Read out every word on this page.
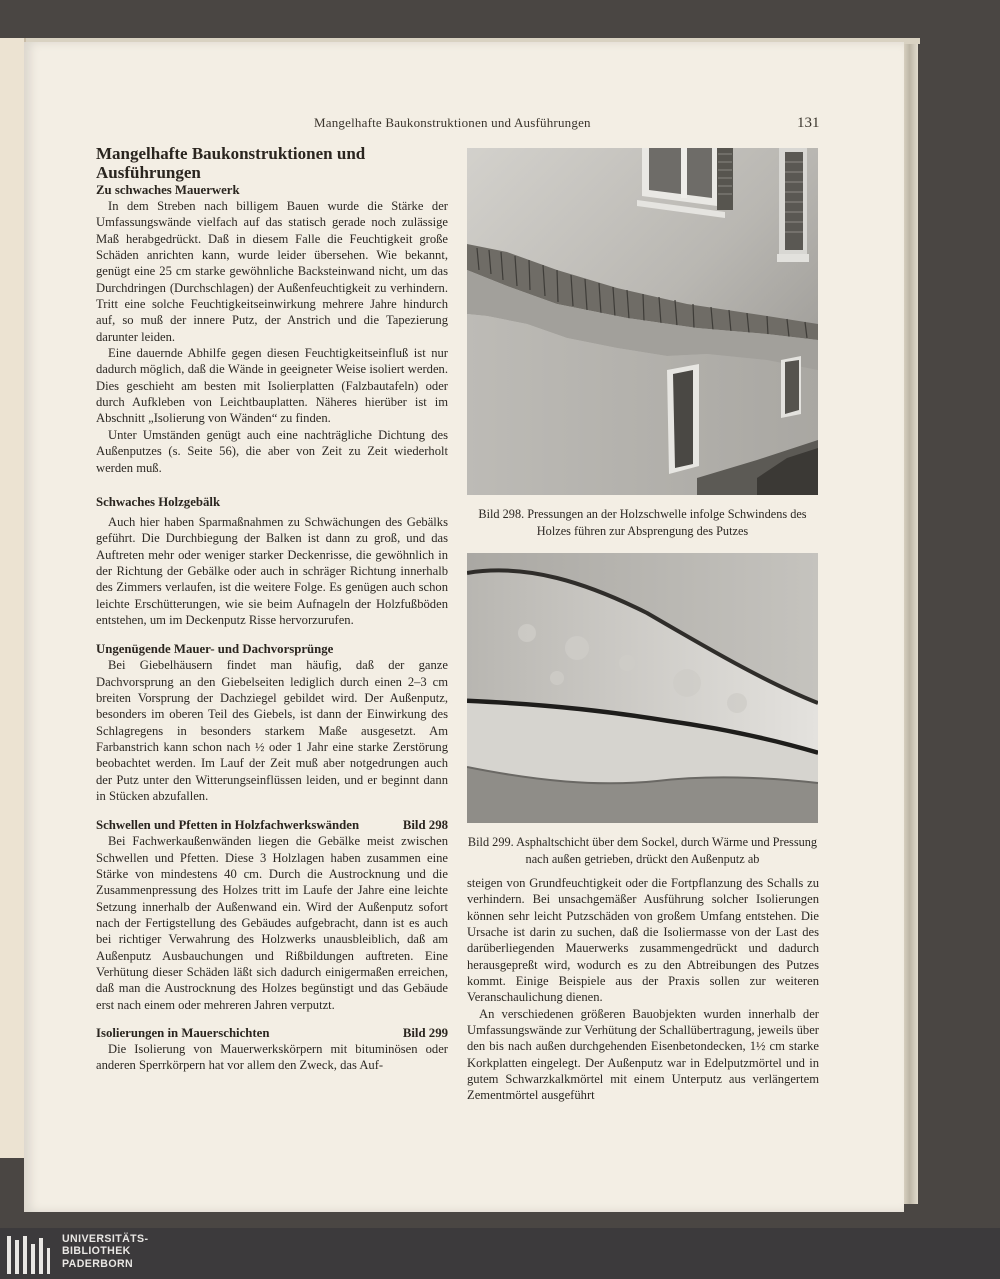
Mangelhafte Baukonstruktionen und Ausführungen	131
Mangelhafte Baukonstruktionen und
Ausführungen
Zu schwaches Mauerwerk

In dem Streben nach billigem Bauen wurde die Stärke der Umfassungswände vielfach auf das statisch gerade noch zulässige Maß herabgedrückt. Daß in diesem Falle die Feuchtigkeit große Schäden anrichten kann, wurde leider übersehen. Wie bekannt, genügt eine 25 cm starke gewöhnliche Backsteinwand nicht, um das Durchdringen (Durchschlagen) der Außenfeuchtigkeit zu verhindern. Tritt eine solche Feuchtigkeitseinwirkung mehrere Jahre hindurch auf, so muß der innere Putz, der Anstrich und die Tapezierung darunter leiden.

Eine dauernde Abhilfe gegen diesen Feuchtigkeitseinfluß ist nur dadurch möglich, daß die Wände in geeigneter Weise isoliert werden. Dies geschieht am besten mit Isolierplatten (Falzbautafeln) oder durch Aufkleben von Leichtbauplatten. Näheres hierüber ist im Abschnitt „Isolierung von Wänden“ zu finden.

Unter Umständen genügt auch eine nachträgliche Dichtung des Außenputzes (s. Seite 56), die aber von Zeit zu Zeit wiederholt werden muß.

Schwaches Holzgebälk

Auch hier haben Sparmaßnahmen zu Schwächungen des Gebälks geführt. Die Durchbiegung der Balken ist dann zu groß, und das Auftreten mehr oder weniger starker Deckenrisse, die gewöhnlich in der Richtung der Gebälke oder auch in schräger Richtung innerhalb des Zimmers verlaufen, ist die weitere Folge. Es genügen auch schon leichte Erschütterungen, wie sie beim Aufnageln der Holzfußböden entstehen, um im Deckenputz Risse hervorzurufen.

Ungenügende Mauer- und Dachvorsprünge

Bei Giebelhäusern findet man häufig, daß der ganze Dachvorsprung an den Giebelseiten lediglich durch einen 2–3 cm breiten Vorsprung der Dachziegel gebildet wird. Der Außenputz, besonders im oberen Teil des Giebels, ist dann der Einwirkung des Schlagregens in besonders starkem Maße ausgesetzt. Am Farbanstrich kann schon nach ½ oder 1 Jahr eine starke Zerstörung beobachtet werden. Im Lauf der Zeit muß aber notgedrungen auch der Putz unter den Witterungseinflüssen leiden, und er beginnt dann in Stücken abzufallen.

Schwellen und Pfetten in Holzfachwerkswänden	Bild 298

Bei Fachwerkaußenwänden liegen die Gebälke meist zwischen Schwellen und Pfetten. Diese 3 Holzlagen haben zusammen eine Stärke von mindestens 40 cm. Durch die Austrocknung und die Zusammenpressung des Holzes tritt im Laufe der Jahre eine leichte Setzung innerhalb der Außenwand ein. Wird der Außenputz sofort nach der Fertigstellung des Gebäudes aufgebracht, dann ist es auch bei richtiger Verwahrung des Holzwerks unausbleiblich, daß am Außenputz Ausbauchungen und Rißbildungen auftreten. Eine Verhütung dieser Schäden läßt sich dadurch einigermaßen erreichen, daß man die Austrocknung des Holzes begünstigt und das Gebäude erst nach einem oder mehreren Jahren verputzt.

Isolierungen in Mauerschichten	Bild 299

Die Isolierung von Mauerwerkskörpern mit bituminösen oder anderen Sperrkörpern hat vor allem den Zweck, das Auf-

Bild 298. Pressungen an der Holzschwelle infolge Schwindens des Holzes führen zur Absprengung des Putzes
Bild 299. Asphaltschicht über dem Sockel, durch Wärme und Pressung nach außen getrieben, drückt den Außenputz ab

steigen von Grundfeuchtigkeit oder die Fortpflanzung des Schalls zu verhindern. Bei unsachgemäßer Ausführung solcher Isolierungen können sehr leicht Putzschäden von großem Umfang entstehen. Die Ursache ist darin zu suchen, daß die Isoliermasse von der Last des darüberliegenden Mauerwerks zusammengedrückt und dadurch herausgepreßt wird, wodurch es zu den Abtreibungen des Putzes kommt. Einige Beispiele aus der Praxis sollen zur weiteren Veranschaulichung dienen.

An verschiedenen größeren Bauobjekten wurden innerhalb der Umfassungswände zur Verhütung der Schallübertragung, jeweils über den bis nach außen durchgehenden Eisenbetondecken, 1½ cm starke Korkplatten eingelegt. Der Außenputz war in Edelputzmörtel und in gutem Schwarzkalkmörtel mit einem Unterputz aus verlängertem Zementmörtel ausgeführt

UNIVERSITÄTS-
BIBLIOTHEK
PADERBORN
